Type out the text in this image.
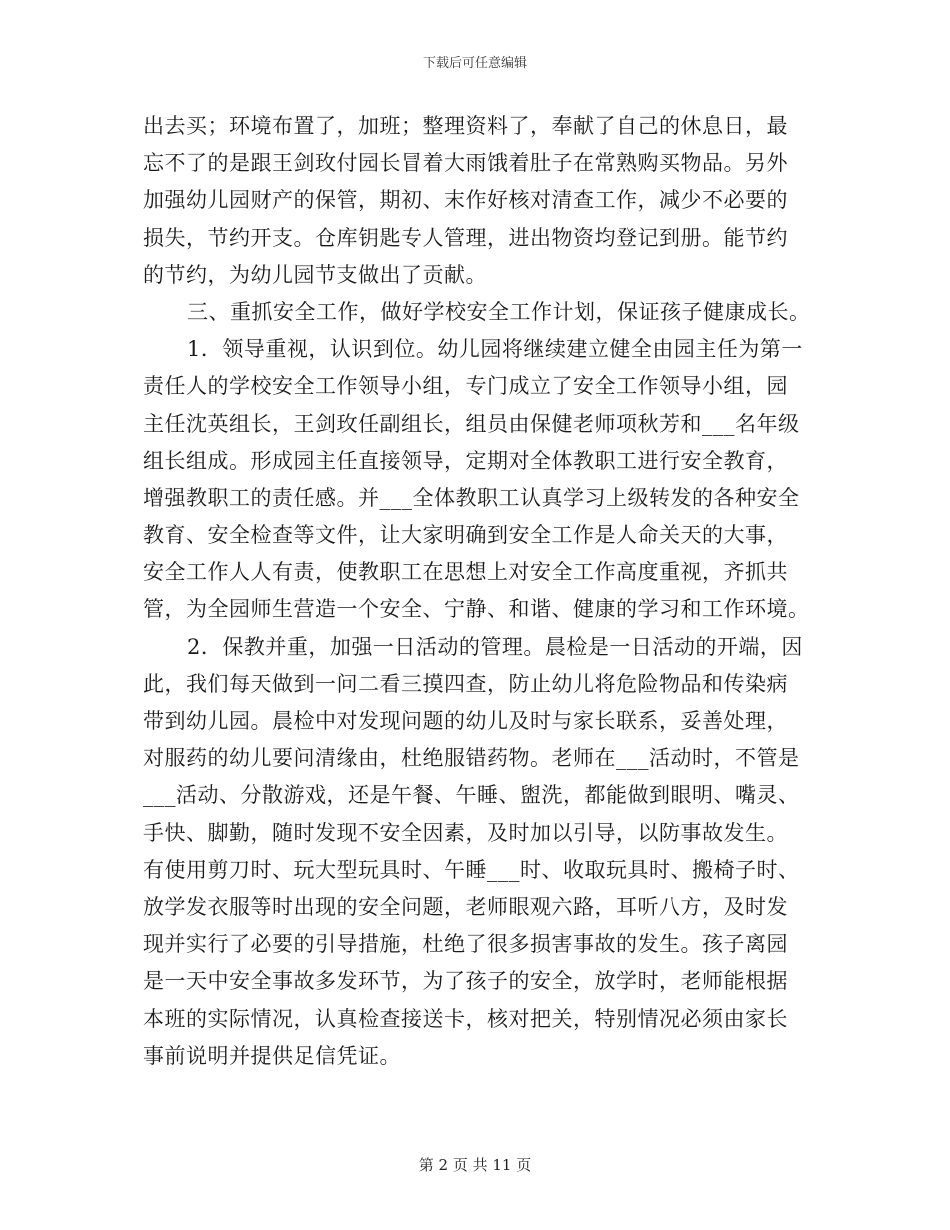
下载后可任意编辑
出去买；环境布置了，加班；整理资料了，奉献了自己的休息日，最
忘不了的是跟王剑玫付园长冒着大雨饿着肚子在常熟购买物品。另外
加强幼儿园财产的保管，期初、末作好核对清查工作，减少不必要的
损失，节约开支。仓库钥匙专人管理，进出物资均登记到册。能节约
的节约，为幼儿园节支做出了贡献。
三、重抓安全工作，做好学校安全工作计划，保证孩子健康成长。
1．领导重视，认识到位。幼儿园将继续建立健全由园主任为第一
责任人的学校安全工作领导小组，专门成立了安全工作领导小组，园
主任沈英组长，王剑玫任副组长，组员由保健老师项秋芳和___名年级
组长组成。形成园主任直接领导，定期对全体教职工进行安全教育，
增强教职工的责任感。并___全体教职工认真学习上级转发的各种安全
教育、安全检查等文件，让大家明确到安全工作是人命关天的大事，
安全工作人人有责，使教职工在思想上对安全工作高度重视，齐抓共
管，为全园师生营造一个安全、宁静、和谐、健康的学习和工作环境。
2．保教并重，加强一日活动的管理。晨检是一日活动的开端，因
此，我们每天做到一问二看三摸四查，防止幼儿将危险物品和传染病
带到幼儿园。晨检中对发现问题的幼儿及时与家长联系，妥善处理，
对服药的幼儿要问清缘由，杜绝服错药物。老师在___活动时，不管是
___活动、分散游戏，还是午餐、午睡、盥洗，都能做到眼明、嘴灵、
手快、脚勤，随时发现不安全因素，及时加以引导，以防事故发生。
有使用剪刀时、玩大型玩具时、午睡___时、收取玩具时、搬椅子时、
放学发衣服等时出现的安全问题，老师眼观六路，耳听八方，及时发
现并实行了必要的引导措施，杜绝了很多损害事故的发生。孩子离园
是一天中安全事故多发环节，为了孩子的安全，放学时，老师能根据
本班的实际情况，认真检查接送卡，核对把关，特别情况必须由家长
事前说明并提供足信凭证。
第 2 页 共 11 页
